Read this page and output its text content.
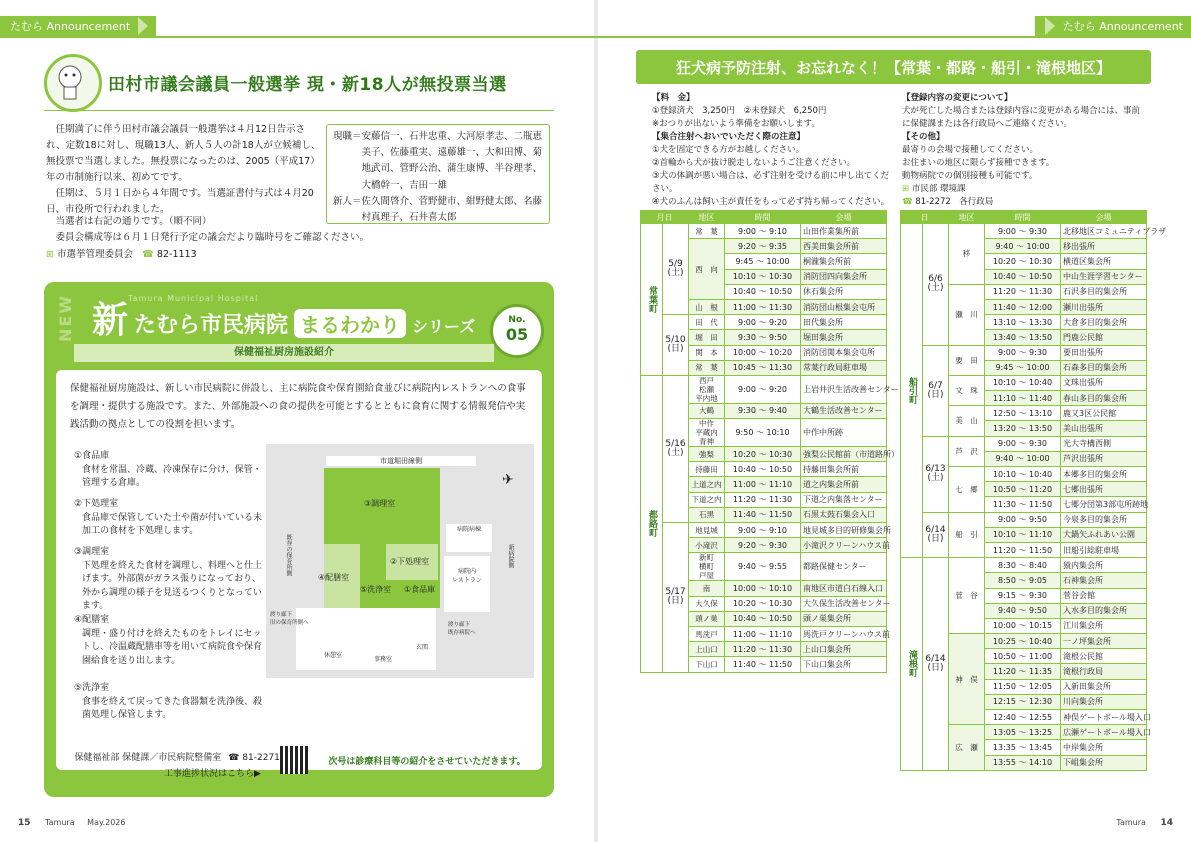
たむら Announcement
田村市議会議員一般選挙 現・新18人が無投票当選
任期満了に伴う田村市議会議員一般選挙は４月12日告示され、定数18に対し、現職13人、新人５人の計18人が立候補し、無投票で当選しました。無投票になったのは、2005（平成17）年の市制施行以来、初めてです。
任期は、５月１日から４年間です。当選証書付与式は４月20日、市役所で行われました。
現職＝ 安藤信一、石井忠重、大河原孝志、二瓶恵美子、佐藤重実、遠藤雄一、大和田博、菊地武司、管野公治、蒲生康博、半谷理孝、大橋幹一、吉田一雄
新人＝ 佐久間啓介、菅野健市、紺野健太郎、名藤村真理子、石井喜太郎
当選者は右記の通りです。（順不同）
委員会構成等は６月１日発行予定の議会だより臨時号をご確認ください。
⊞ 市選挙管理委員会 ☎ 82-1113
NEW	Tamura Municipal Hospital
新 たむら市民病院 まるわかり シリーズ	No.
05
保健福祉厨房施設紹介
保健福祉厨房施設は、新しい市民病院に併設し、主に病院食や保育園給食並びに病院内レストランへの食事を調理・提供する施設です。また、外部施設への食の提供を可能とするとともに食育に関する情報発信や実践活動の拠点としての役割を担います。
①食品庫
食材を常温、冷蔵、冷凍保存に分け、保管・管理する倉庫。
②下処理室
食品庫で保管していた土や菌が付いている未加工の食材を下処理します。
③調理室
下処理を終えた食材を調理し、料理へと仕上げます。外部菌がガラス張りになっており、外から調理の様子を見送るつくりとなっています。
④配膳室
調理・盛り付けを終えたものをトレイにセットし、冷温蔵配膳車等を用いて病院食や保育園給食を送り出します。
⑤洗浄室
食事を終えて戻ってきた食器類を洗浄後、殺菌処理し保管します。
市道堀田線側
③調理室
②下処理室
④配膳室
⑤洗浄室 ①食品庫
病院病棟
病院内
レストラン
既存の保育所側	新病院側
渡り廊下
旧の保育所側へ	渡り廊下
既存病院へ
休憩室
事務室
玄関
✈
⊞ 保健福祉部 保健課／市民病院整備室 ☎ 81-2271
工事進捗状況はこちら▶
次号は診療科目等の紹介をさせていただきます。
15 Tamura May.2026
たむら Announcement
狂犬病予防注射、お忘れなく！【常葉・都路・船引・滝根地区】
【料　金】
①登録済犬　3,250円　②未登録犬　6,250円
※おつりが出ないよう準備をお願いします。
【集合注射へおいでいただく際の注意】
①犬を固定できる方がお越しください。
②首輪から犬が抜け脱走しないようご注意ください。
③犬の体調が悪い場合は、必ず注射を受ける前に申し出てください。
④犬のふんは飼い主が責任をもって必ず持ち帰ってください。
【登録内容の変更について】
犬が死亡した場合または登録内容に変更がある場合には、事前に保健課または各行政局へご連絡ください。
【その他】
最寄りの会場で接種してください。
お住まいの地区に限らず接種できます。
動物病院での個別接種も可能です。
⊞ 市民部 環境課
☎ 81-2272　各行政局
月日		地区	時間	会場
常葉町	5/9
(土)	常　葉	9:00 〜 9:10	山田作業集所前
		西　向	9:20 〜 9:35	西美田集会所前
			9:45 〜 10:00	桐瀧集会所前
			10:10 〜 10:30	消防団四向集会所
			10:40 〜 10:50	休石集会所
		山　根	11:00 〜 11:30	消防団山根集会屯所
	5/10
(日)	田　代	9:00 〜 9:20	田代集会所
		堀　田	9:30 〜 9:50	堀田集会所
		関　本	10:00 〜 10:20	消防団関本集会屯所
		常　葉	10:45 〜 11:30	常葉行政局駐車場
都路町	5/16
(土)	西戸
松瀬
平内地	9:00 〜 9:20	上岩井沢生活改善センター
		大鶴	9:30 〜 9:40	大鶴生活改善センター
		中作
平蔵内
青神	9:50 〜 10:10	中作中所跡
		強梨	10:20 〜 10:30	強梨公民館前（市道路所）
		持藤田	10:40 〜 10:50	持藤田集会所前
		上道之内	11:00 〜 11:10	道之内集会所前
		下道之内	11:20 〜 11:30	下道之内集落センター
		石黒	11:40 〜 11:50	石黒太鼓石集会入口
	5/17
(日)	地見城	9:00 〜 9:10	地見城多目的研修集会所
		小滝沢	9:20 〜 9:30	小滝沢クリーンハウス前
		新町
横町
戸屋	9:40 〜 9:55	都路保健センター
		南	10:00 〜 10:10	南地区市道白石線入口
		大久保	10:20 〜 10:30	大久保生活改善センター
		頭ノ巣	10:40 〜 10:50	頭ノ巣集会所
		馬洗戸	11:00 〜 11:10	馬洗戸クリーンハウス前
		上山口	11:20 〜 11:30	上山口集会所
		下山口	11:40 〜 11:50	下山口集会所
日		地区	時間	会場
船引町	6/6
(土)	移	9:00 〜 9:30	北移地区コミュニティプラザ
			9:40 〜 10:00	移出張所
			10:20 〜 10:30	横道区集会所
			10:40 〜 10:50	中山生涯学習センター
		瀬　川	11:20 〜 11:30	石沢多目的集会所
			11:40 〜 12:00	瀬川出張所
			13:10 〜 13:30	大倉多目的集会所
			13:40 〜 13:50	門鹿公民館
	6/7
(日)	要　田	9:00 〜 9:30	要田出張所
			9:45 〜 10:00	石森多目的集会所
		文　珠	10:10 〜 10:40	文珠出張所
			11:10 〜 11:40	春山多目的集会所
		美　山	12:50 〜 13:10	鹿又3区公民館
			13:20 〜 13:50	美山出張所
	6/13
(土)	芦　沢	9:00 〜 9:30	光大寺構西側
			9:40 〜 10:00	芦沢出張所
		七　郷	10:10 〜 10:40	本郷多目的集会所
			10:50 〜 11:20	七郷出張所
			11:30 〜 11:50	七郷分団第3部屯所跡地
	6/14
(日)	船　引	9:00 〜 9:50	今泉多目的集会所
			10:10 〜 11:10	大鍋矢ふれあい公園
			11:20 〜 11:50	旧船引総駐車場
滝根町	6/14
(日)	菅　谷	8:30 〜 8:40	猿内集会所
			8:50 〜 9:05	石神集会所
			9:15 〜 9:30	菅谷会館
			9:40 〜 9:50	入水多目的集会所
			10:00 〜 10:15	江川集会所
		神　俣	10:25 〜 10:40	一ノ坪集会所
			10:50 〜 11:00	滝根公民館
			11:20 〜 11:35	滝根行政局
			11:50 〜 12:05	入新田集会所
			12:15 〜 12:30	川向集会所
			12:40 〜 12:55	神俣ゲートボール場入口
		広　瀬	13:05 〜 13:25	広瀬ゲートボール場入口
			13:35 〜 13:45	中岸集会所
			13:55 〜 14:10	下岨集会所
Tamura 14
